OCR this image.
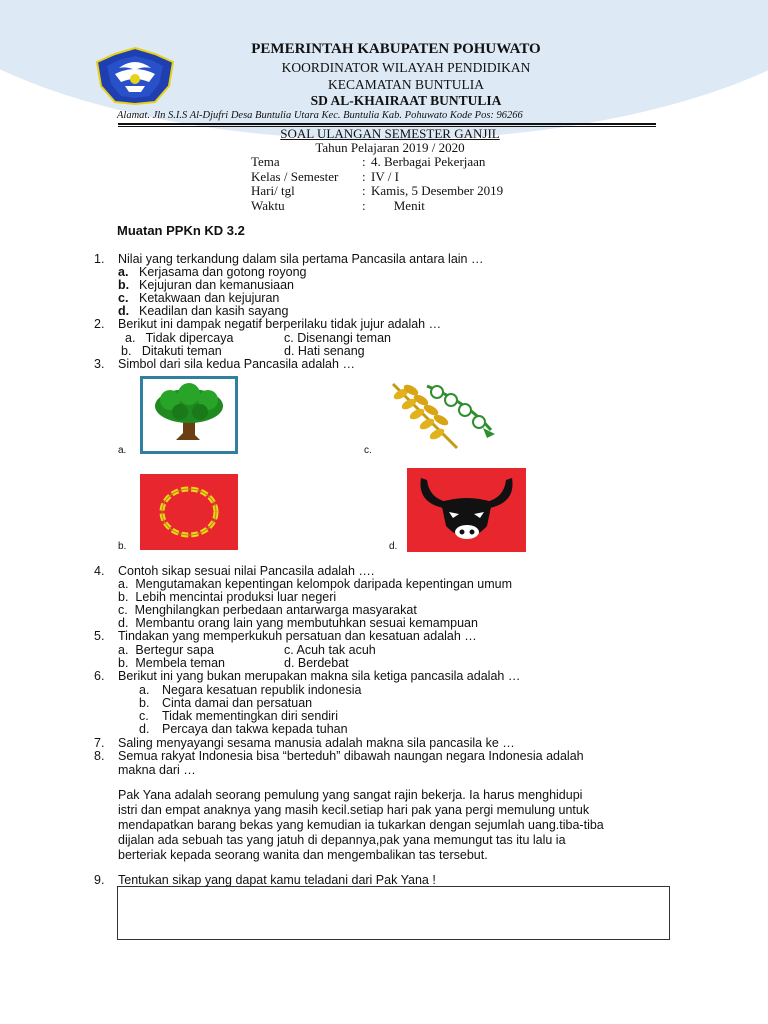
PEMERINTAH KABUPATEN POHUWATO
KOORDINATOR WILAYAH PENDIDIKAN
KECAMATAN BUNTULIA
SD AL-KHAIRAAT BUNTULIA
Alamat. Jln S.I.S Al-Djufri Desa Buntulia Utara Kec. Buntulia Kab. Pohuwato Kode Pos: 96266
SOAL ULANGAN SEMESTER GANJIL
Tahun Pelajaran 2019 / 2020
Tema	: 4. Berbagai Pekerjaan
Kelas / Semester : IV / I
Hari/ tgl	: Kamis, 5 Desember 2019
Waktu	: Menit
Muatan PPKn KD 3.2
1. Nilai yang terkandung dalam sila pertama Pancasila antara lain …
a. Kerjasama dan gotong royong
b. Kejujuran dan kemanusiaan
c. Ketakwaan dan kejujuran
d. Keadilan dan kasih sayang
2. Berikut ini dampak negatif berperilaku tidak jujur adalah …
a.   Tidak dipercaya	c. Disenangi teman
b.   Ditakuti teman	d. Hati senang
3. Simbol dari sila kedua Pancasila adalah …
a.	c.
b.	d.
4. Contoh sikap sesuai nilai Pancasila adalah ….
a.  Mengutamakan kepentingan kelompok daripada kepentingan umum
b.  Lebih mencintai produksi luar negeri
c.  Menghilangkan perbedaan antarwarga masyarakat
d.  Membantu orang lain yang membutuhkan sesuai kemampuan
5. Tindakan yang memperkukuh persatuan dan kesatuan adalah …
a.  Bertegur sapa	c. Acuh tak acuh
b.  Membela teman	d. Berdebat
6. Berikut ini yang bukan merupakan makna sila ketiga pancasila adalah …
a. Negara kesatuan republik indonesia
b. Cinta damai dan persatuan
c. Tidak mementingkan diri sendiri
d. Percaya dan takwa kepada tuhan
7. Saling menyayangi sesama manusia adalah makna sila pancasila ke …
8. Semua rakyat Indonesia bisa “berteduh” dibawah naungan negara Indonesia adalah
makna dari …
Pak Yana adalah seorang pemulung yang sangat rajin bekerja. Ia harus menghidupi
istri dan empat anaknya yang masih kecil.setiap hari pak yana pergi memulung untuk
mendapatkan barang bekas yang kemudian ia tukarkan dengan sejumlah uang.tiba-tiba
dijalan ada sebuah tas yang jatuh di depannya,pak yana memungut tas itu lalu ia
berteriak kepada seorang wanita dan mengembalikan tas tersebut.
9. Tentukan sikap yang dapat kamu teladani dari Pak Yana !
